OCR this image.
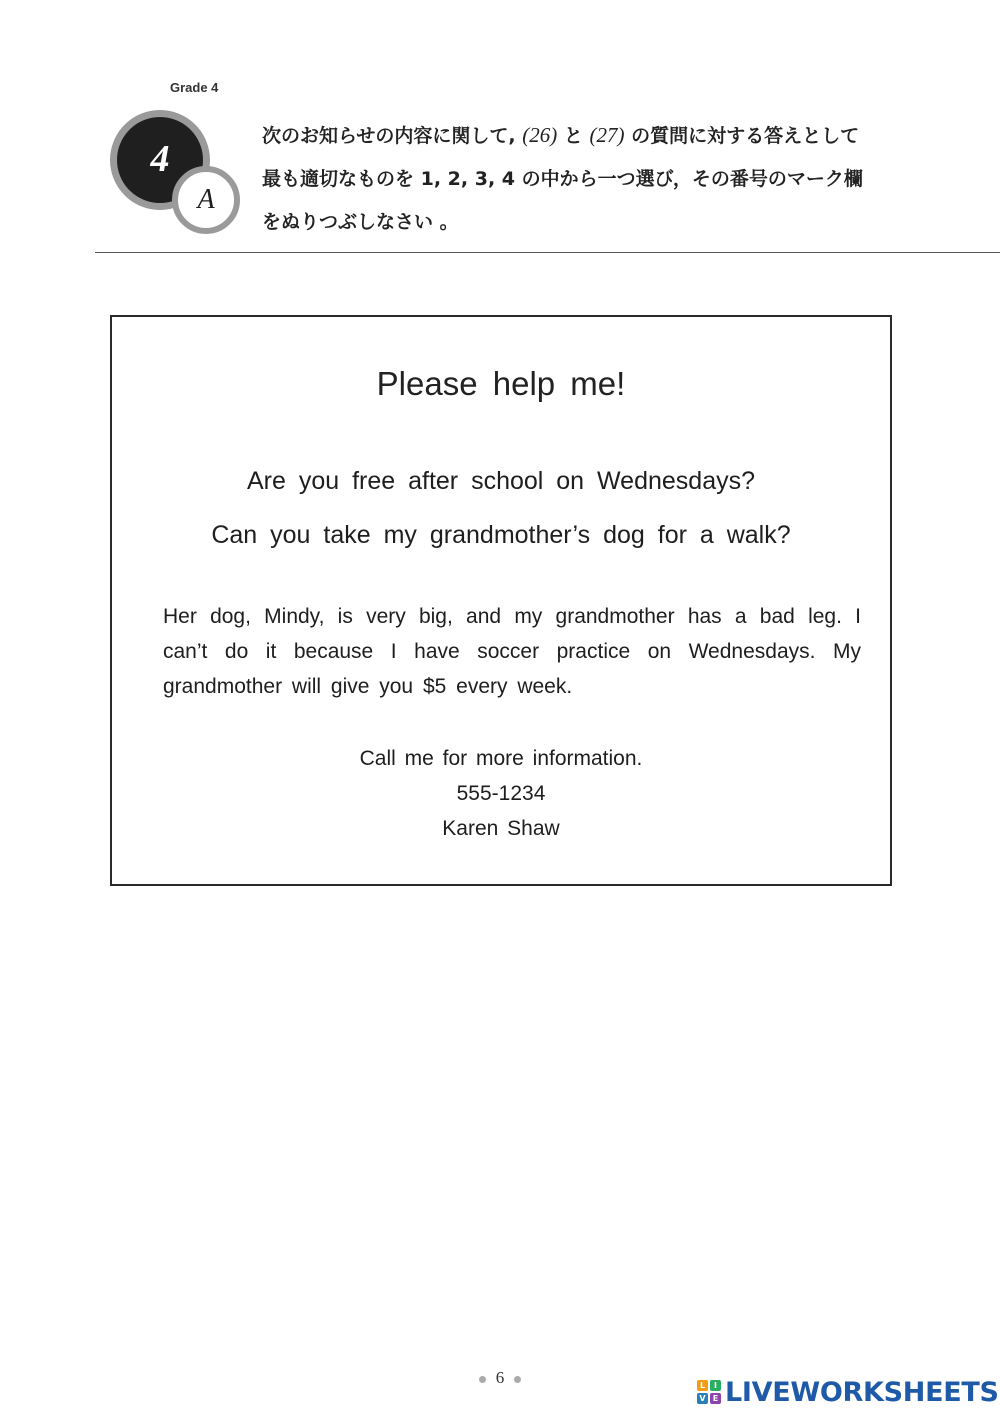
Grade 4
4
A
次のお知らせの内容に関して, (26) と (27) の質問に対する答えとして
最も適切なものを 1, 2, 3, 4 の中から一つ選び，その番号のマーク欄
をぬりつぶしなさい 。
Please help me!
Are you free after school on Wednesdays?
Can you take my grandmother’s dog for a walk?
Her dog, Mindy, is very big, and my grandmother has a bad leg. I can’t do it because I have soccer practice on Wednesdays. My grandmother will give you $5 every week.
Call me for more information.
555-1234
Karen Shaw
6	L	I
V E LIVEWORKSHEETS
